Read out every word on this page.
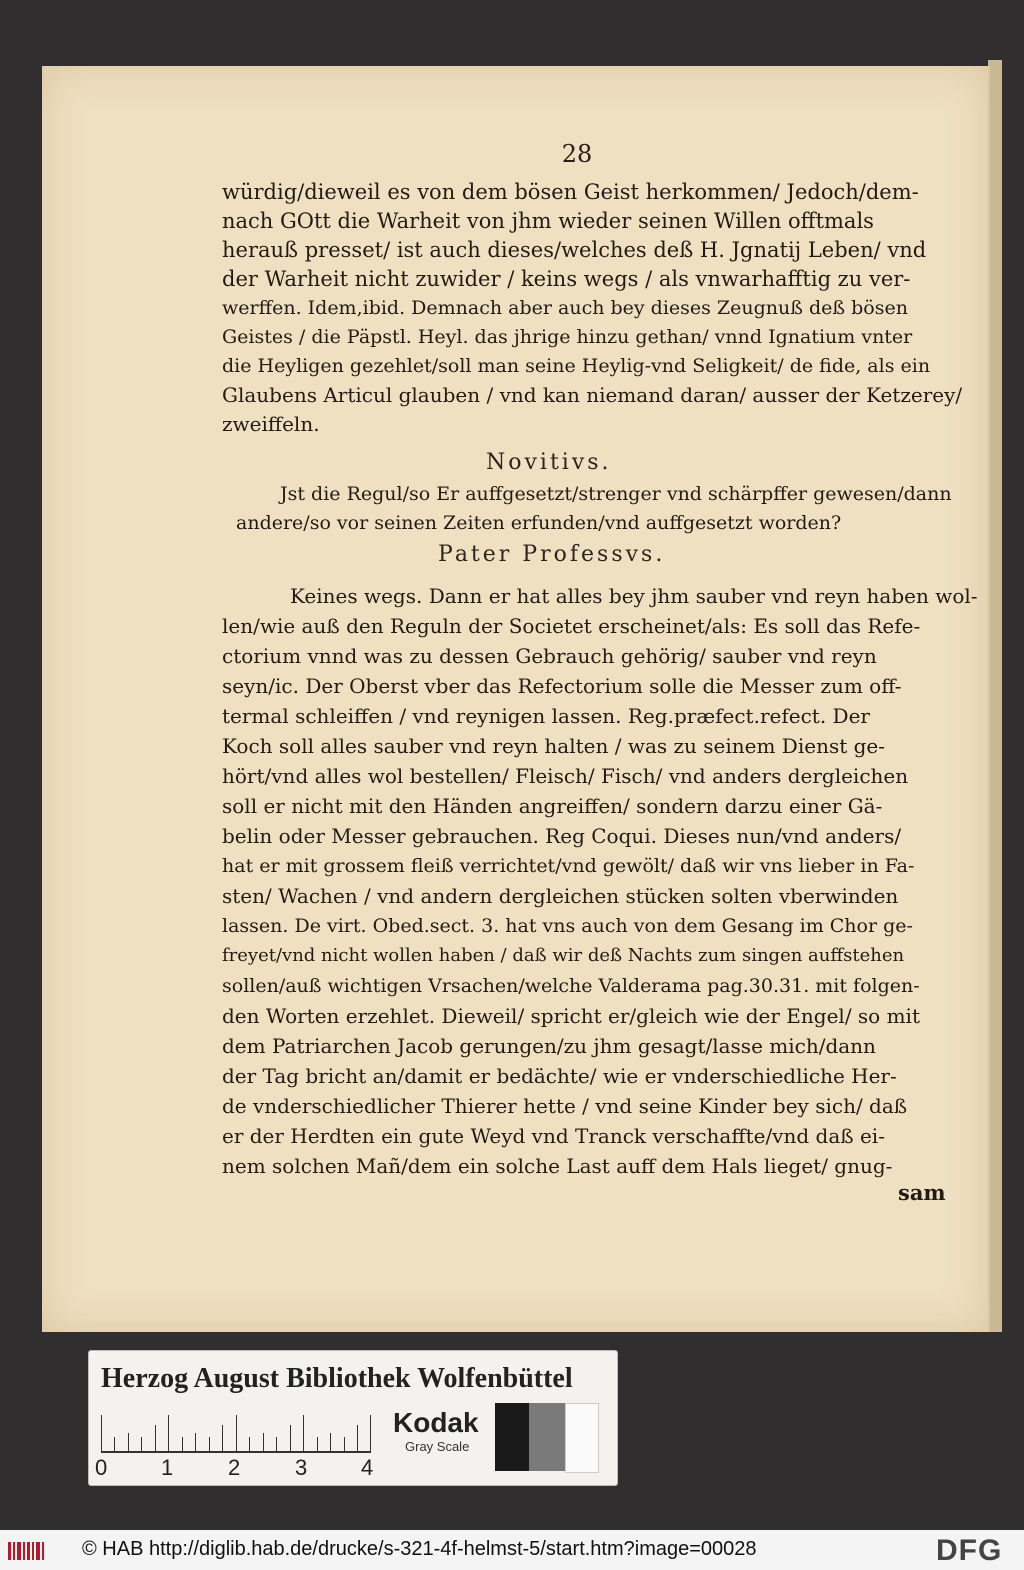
28
würdig/dieweil es von dem bösen Geist herkommen/ Jedoch/dem-
nach GOtt die Warheit von jhm wieder seinen Willen offtmals
herauß presset/ ist auch dieses/welches deß H. Jgnatij Leben/ vnd
der Warheit nicht zuwider / keins wegs / als vnwarhafftig zu ver-
werffen. Idem,ibid. Demnach aber auch bey dieses Zeugnuß deß bösen
Geistes / die Päpstl. Heyl. das jhrige hinzu gethan/ vnnd Ignatium vnter
die Heyligen gezehlet/soll man seine Heylig-vnd Seligkeit/ de fide, als ein
Glaubens Articul glauben / vnd kan niemand daran/ ausser der Ketzerey/
zweiffeln.
Novitivs.
Jst die Regul/so Er auffgesetzt/strenger vnd schärpffer gewesen/dann
andere/so vor seinen Zeiten erfunden/vnd auffgesetzt worden?
Pater Professvs.
Keines wegs. Dann er hat alles bey jhm sauber vnd reyn haben wol-
len/wie auß den Reguln der Societet erscheinet/als: Es soll das Refe-
ctorium vnnd was zu dessen Gebrauch gehörig/ sauber vnd reyn
seyn/ic. Der Oberst vber das Refectorium solle die Messer zum off-
termal schleiffen / vnd reynigen lassen. Reg.præfect.refect. Der
Koch soll alles sauber vnd reyn halten / was zu seinem Dienst ge-
hört/vnd alles wol bestellen/ Fleisch/ Fisch/ vnd anders dergleichen
soll er nicht mit den Händen angreiffen/ sondern darzu einer Gä-
belin oder Messer gebrauchen. Reg Coqui. Dieses nun/vnd anders/
hat er mit grossem fleiß verrichtet/vnd gewölt/ daß wir vns lieber in Fa-
sten/ Wachen / vnd andern dergleichen stücken solten vberwinden
lassen. De virt. Obed.sect. 3. hat vns auch von dem Gesang im Chor ge-
freyet/vnd nicht wollen haben / daß wir deß Nachts zum singen auffstehen
sollen/auß wichtigen Vrsachen/welche Valderama pag.30.31. mit folgen-
den Worten erzehlet. Dieweil/ spricht er/gleich wie der Engel/ so mit
dem Patriarchen Jacob gerungen/zu jhm gesagt/lasse mich/dann
der Tag bricht an/damit er bedächte/ wie er vnderschiedliche Her-
de vnderschiedlicher Thierer hette / vnd seine Kinder bey sich/ daß
er der Herdten ein gute Weyd vnd Tranck verschaffte/vnd daß ei-
nem solchen Mañ/dem ein solche Last auff dem Hals lieget/ gnug-
sam
Herzog August Bibliothek Wolfenbüttel
0 1 2 3 4
Kodak
Gray Scale
© HAB http://diglib.hab.de/drucke/s-321-4f-helmst-5/start.htm?image=00028	DFG
